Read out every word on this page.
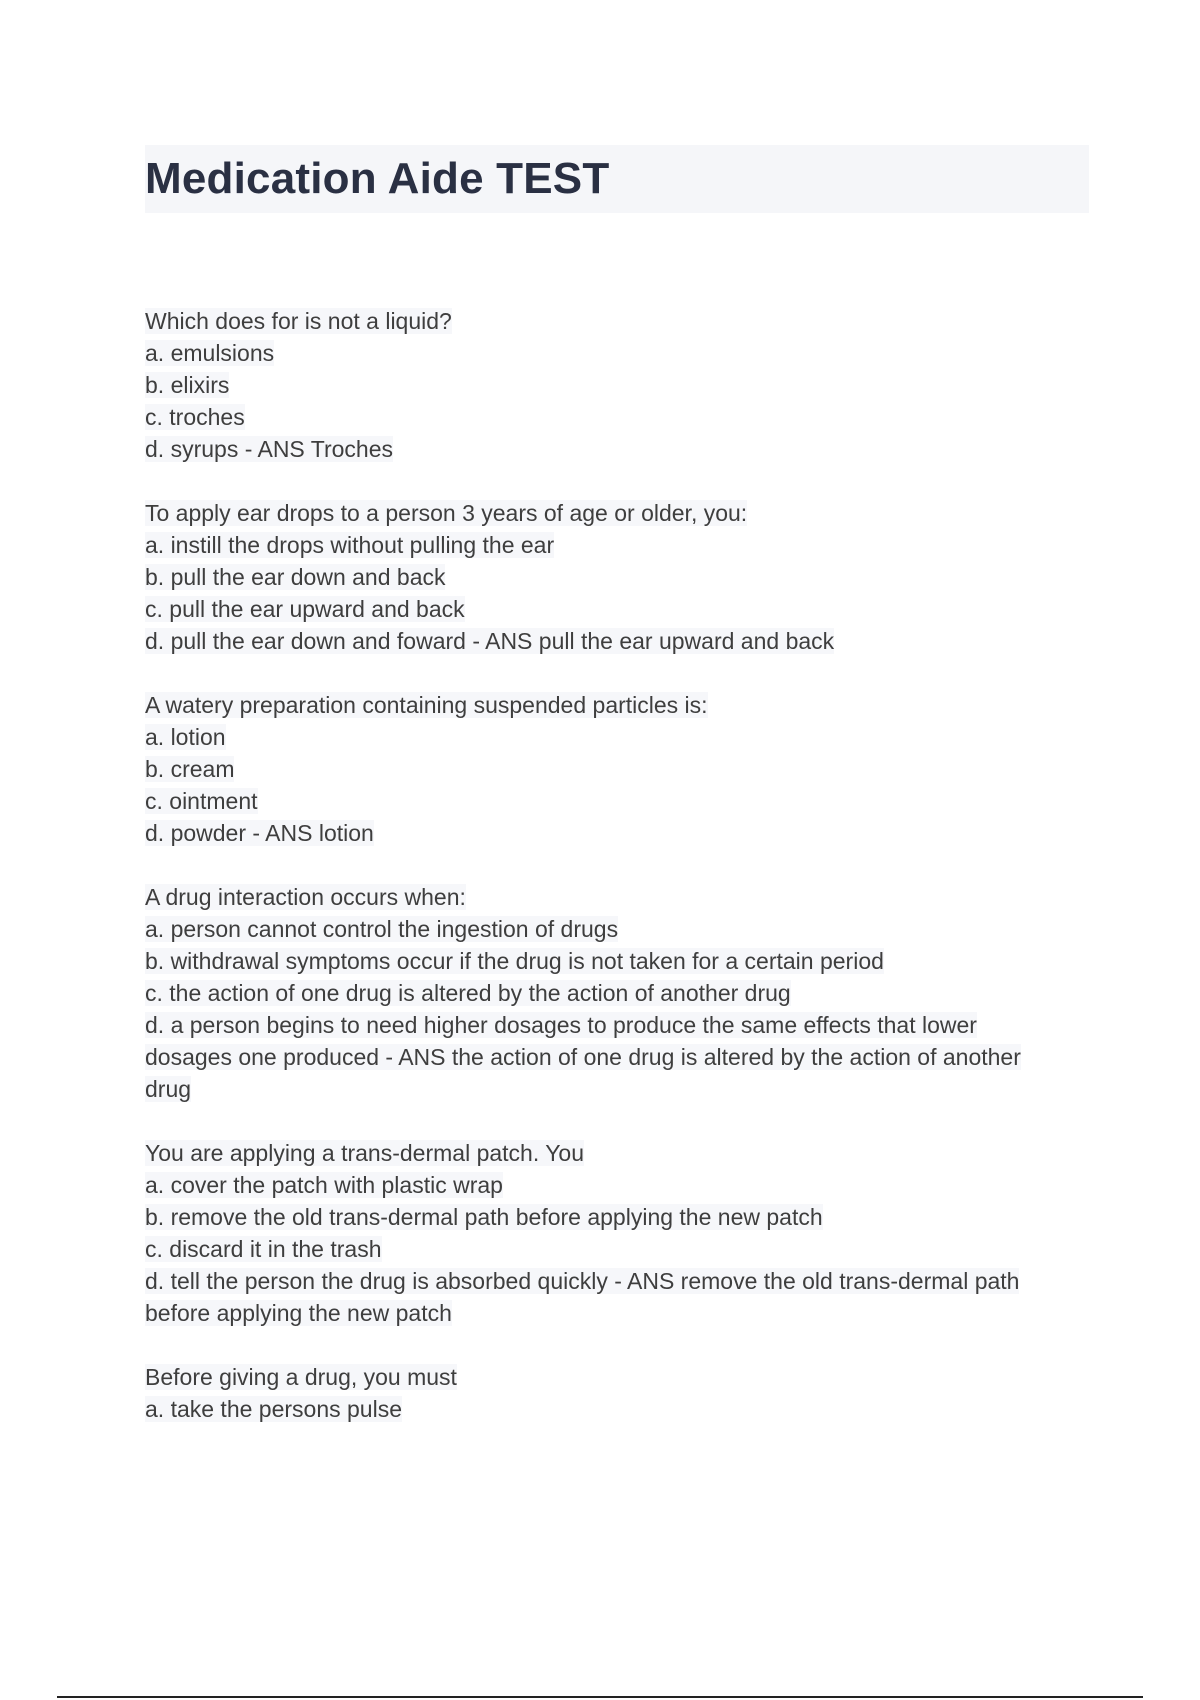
Medication Aide TEST

Which does for is not a liquid?

a. emulsions

b. elixirs

c. troches

d. syrups - ANS Troches

To apply ear drops to a person 3 years of age or older, you:

a. instill the drops without pulling the ear

b. pull the ear down and back

c. pull the ear upward and back

d. pull the ear down and foward - ANS pull the ear upward and back

A watery preparation containing suspended particles is:

a. lotion

b. cream

c. ointment

d. powder - ANS lotion

A drug interaction occurs when:

a. person cannot control the ingestion of drugs

b. withdrawal symptoms occur if the drug is not taken for a certain period

c. the action of one drug is altered by the action of another drug

d. a person begins to need higher dosages to produce the same effects that lower

dosages one produced - ANS the action of one drug is altered by the action of another

drug

You are applying a trans-dermal patch. You

a. cover the patch with plastic wrap

b. remove the old trans-dermal path before applying the new patch

c. discard it in the trash

d. tell the person the drug is absorbed quickly - ANS remove the old trans-dermal path

before applying the new patch

Before giving a drug, you must

a. take the persons pulse
